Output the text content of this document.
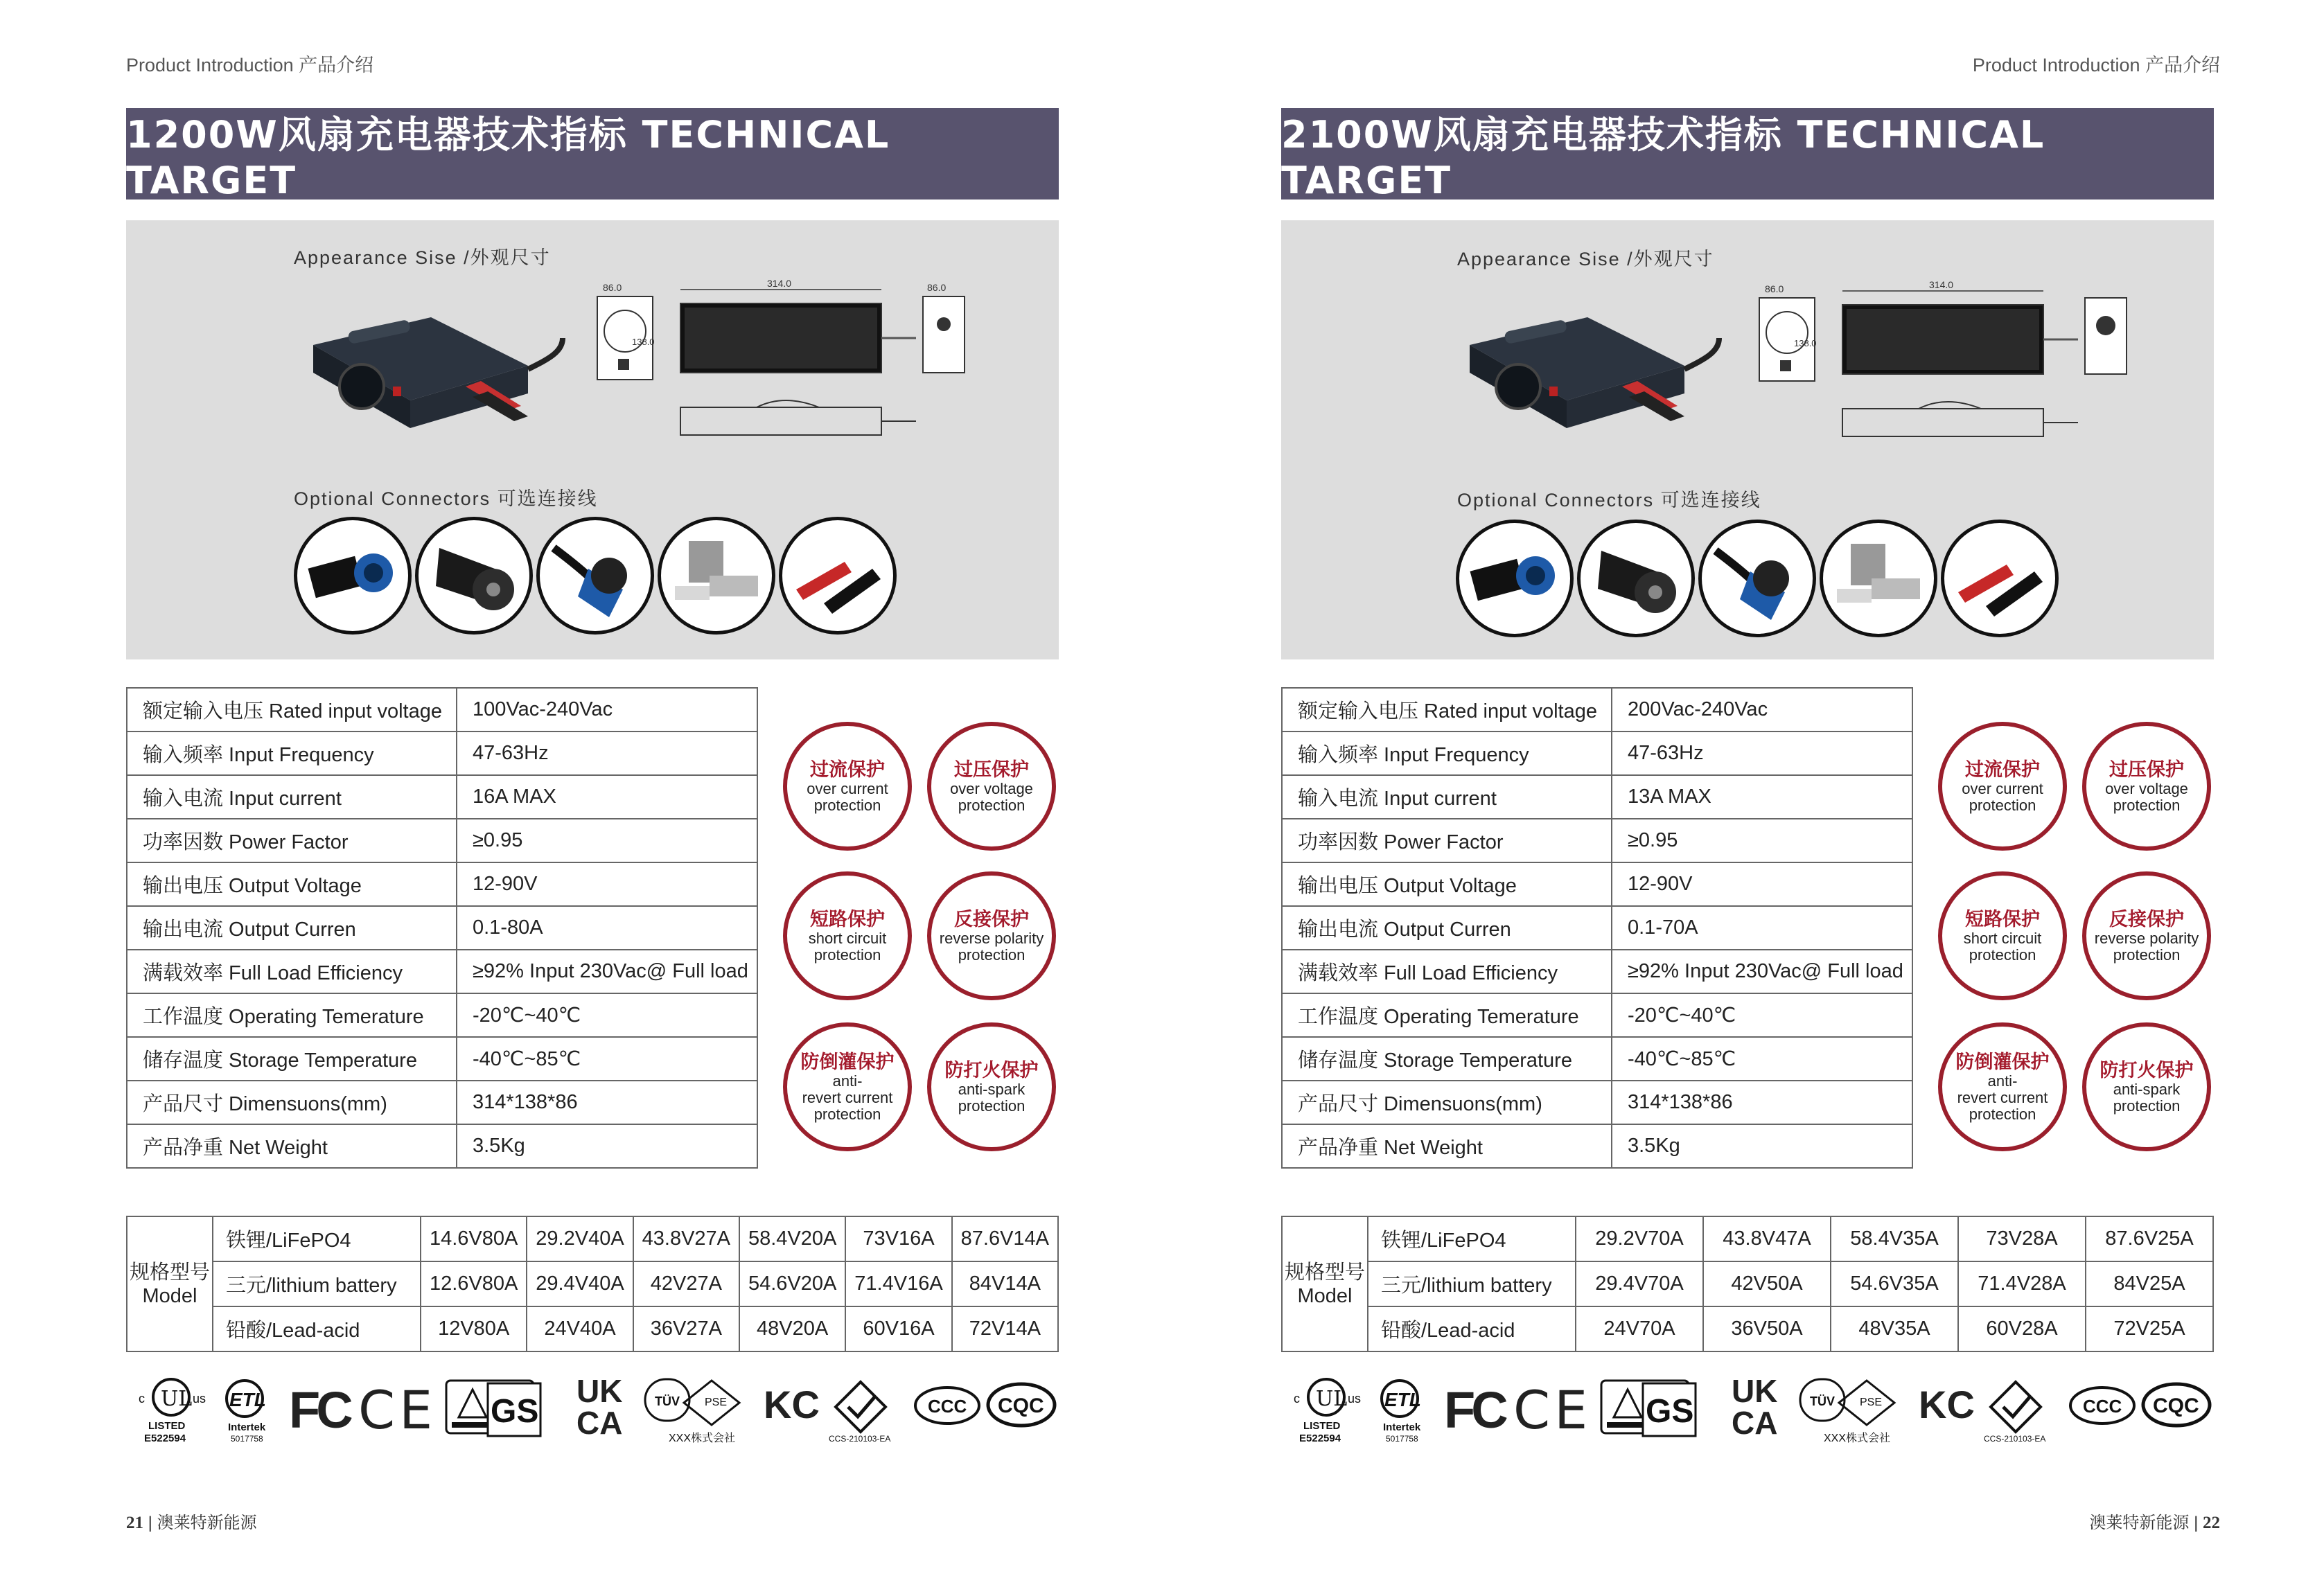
Product Introduction 产品介绍
1200W风扇充电器技术指标 TECHNICAL TARGET
Appearance Sise /外观尺寸
86.0
138.0
314.0	86.0
Optional Connectors 可选连接线
额定输入电压 Rated input voltage	100Vac-240Vac
输入频率 Input Frequency	47-63Hz
输入电流 Input current	16A MAX
功率因数 Power Factor	≥0.95
输出电压 Output Voltage	12-90V
输出电流 Output Curren	0.1-80A
满载效率 Full Load Efficiency	≥92% Input 230Vac@ Full load
工作温度 Operating Temerature	-20℃~40℃
储存温度 Storage Temperature	-40℃~85℃
产品尺寸 Dimensuons(mm)	314*138*86
产品净重 Net Weight	3.5Kg
过流保护
over current
protection
过压保护
over voltage
protection
短路保护
short circuit
protection
反接保护
reverse polarity
protection
防倒灌保护
anti-
revert current
protection
防打火保护
anti-spark
protection
规格型号
Model	铁锂/LiFePO4	14.6V80A	29.2V40A	43.8V27A	58.4V20A	73V16A	87.6V14A
	三元/lithium battery	12.6V80A	29.4V40A	42V27A	54.6V20A	71.4V16A	84V14A
	铅酸/Lead-acid	12V80A	24V40A	36V27A	48V20A	60V16A	72V14A
UL
c	us
LISTED
E522594
ETL
Intertek
5017758 FC CE GS
UK
CA
TÜV PSE
XXX株式会社
KC
CCS-210103-EA
CCC CQC
21 | 澳莱特新能源
Product Introduction 产品介绍
2100W风扇充电器技术指标 TECHNICAL TARGET
Appearance Sise /外观尺寸
86.0
138.0
314.0
Optional Connectors 可选连接线
额定输入电压 Rated input voltage	200Vac-240Vac
输入频率 Input Frequency	47-63Hz
输入电流 Input current	13A MAX
功率因数 Power Factor	≥0.95
输出电压 Output Voltage	12-90V
输出电流 Output Curren	0.1-70A
满载效率 Full Load Efficiency	≥92% Input 230Vac@ Full load
工作温度 Operating Temerature	-20℃~40℃
储存温度 Storage Temperature	-40℃~85℃
产品尺寸 Dimensuons(mm)	314*138*86
产品净重 Net Weight	3.5Kg
过流保护
over current
protection
过压保护
over voltage
protection
短路保护
short circuit
protection
反接保护
reverse polarity
protection
防倒灌保护
anti-
revert current
protection
防打火保护
anti-spark
protection
规格型号
Model	铁锂/LiFePO4	29.2V70A	43.8V47A	58.4V35A	73V28A	87.6V25A
	三元/lithium battery	29.4V70A	42V50A	54.6V35A	71.4V28A	84V25A
	铅酸/Lead-acid	24V70A	36V50A	48V35A	60V28A	72V25A
UL
c	us
LISTED
E522594
ETL
Intertek
5017758 FC CE GS
UK
CA
TÜV PSE
XXX株式会社
KC
CCS-210103-EA
CCC CQC
澳莱特新能源 | 22
